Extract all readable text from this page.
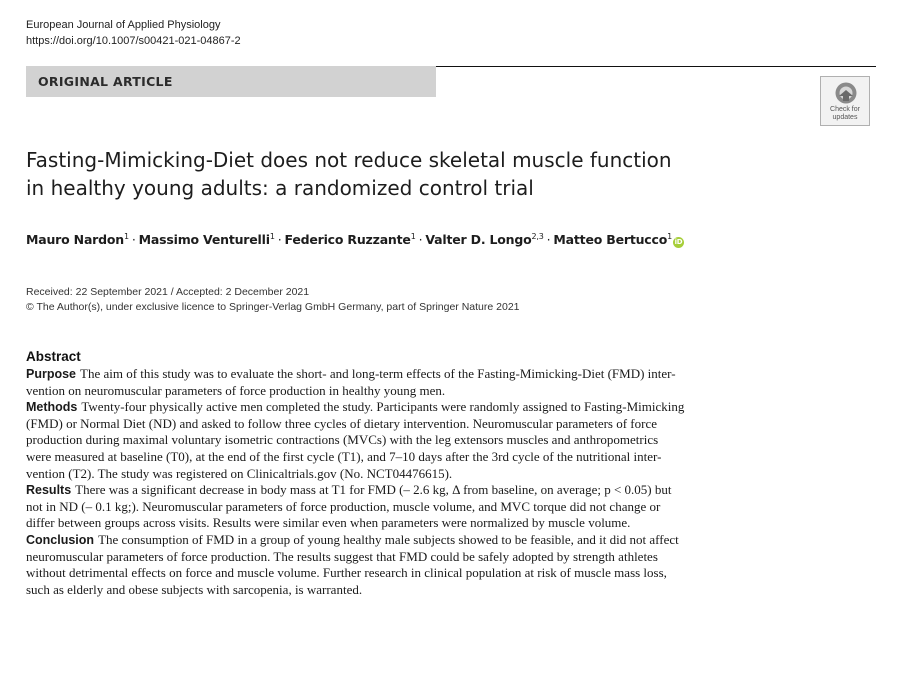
European Journal of Applied Physiology
https://doi.org/10.1007/s00421-021-04867-2
ORIGINAL ARTICLE
Check for
updates
Fasting-Mimicking-Diet does not reduce skeletal muscle function
in healthy young adults: a randomized control trial
Mauro Nardon$^1$ · Massimo Venturelli$^1$ · Federico Ruzzante$^1$ · Valter D. Longo$^{2,3}$ · Matteo Bertucco$^1$iD
Received: 22 September 2021 / Accepted: 2 December 2021
© The Author(s), under exclusive licence to Springer-Verlag GmbH Germany, part of Springer Nature 2021
Abstract
Purpose The aim of this study was to evaluate the short- and long-term effects of the Fasting-Mimicking-Diet (FMD) inter-
vention on neuromuscular parameters of force production in healthy young men.
Methods Twenty-four physically active men completed the study. Participants were randomly assigned to Fasting-Mimicking
(FMD) or Normal Diet (ND) and asked to follow three cycles of dietary intervention. Neuromuscular parameters of force
production during maximal voluntary isometric contractions (MVCs) with the leg extensors muscles and anthropometrics
were measured at baseline (T0), at the end of the first cycle (T1), and 7–10 days after the 3rd cycle of the nutritional inter-
vention (T2). The study was registered on Clinicaltrials.gov (No. NCT04476615).
Results There was a significant decrease in body mass at T1 for FMD (– 2.6 kg, Δ from baseline, on average; p < 0.05) but
not in ND (– 0.1 kg;). Neuromuscular parameters of force production, muscle volume, and MVC torque did not change or
differ between groups across visits. Results were similar even when parameters were normalized by muscle volume.
Conclusion The consumption of FMD in a group of young healthy male subjects showed to be feasible, and it did not affect
neuromuscular parameters of force production. The results suggest that FMD could be safely adopted by strength athletes
without detrimental effects on force and muscle volume. Further research in clinical population at risk of muscle mass loss,
such as elderly and obese subjects with sarcopenia, is warranted.
